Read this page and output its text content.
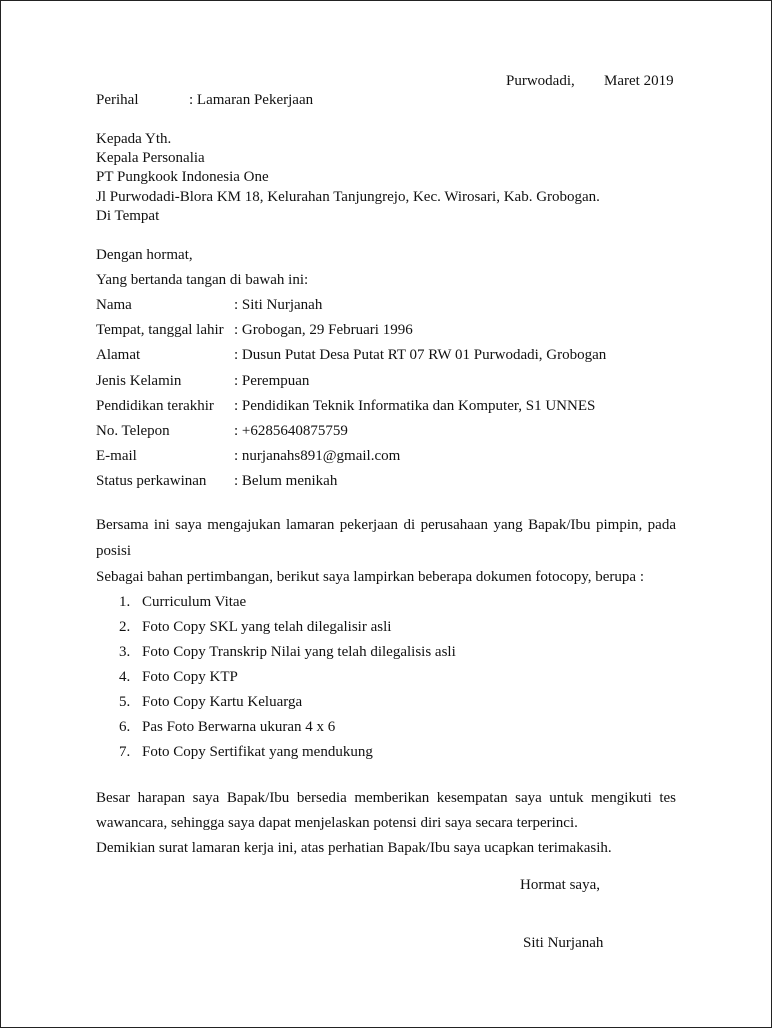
Purwodadi, Maret 2019
Perihal	: Lamaran Pekerjaan
Kepada Yth.
Kepala Personalia
PT Pungkook Indonesia One
Jl Purwodadi-Blora KM 18, Kelurahan Tanjungrejo, Kec. Wirosari, Kab. Grobogan.
Di Tempat
Dengan hormat,
Yang bertanda tangan di bawah ini:
Nama	: Siti Nurjanah
Tempat, tanggal lahir : Grobogan, 29 Februari 1996
Alamat	: Dusun Putat Desa Putat RT 07 RW 01 Purwodadi, Grobogan
Jenis Kelamin	: Perempuan
Pendidikan terakhir : Pendidikan Teknik Informatika dan Komputer, S1 UNNES
No. Telepon	: +6285640875759
E-mail	: nurjanahs891@gmail.com
Status perkawinan : Belum menikah
Bersama ini saya mengajukan lamaran pekerjaan di perusahaan yang Bapak/Ibu pimpin, pada
posisi
Sebagai bahan pertimbangan, berikut saya lampirkan beberapa dokumen fotocopy, berupa :
1. Curriculum Vitae
2. Foto Copy SKL yang telah dilegalisir asli
3. Foto Copy Transkrip Nilai yang telah dilegalisis asli
4. Foto Copy KTP
5. Foto Copy Kartu Keluarga
6. Pas Foto Berwarna ukuran 4 x 6
7. Foto Copy Sertifikat yang mendukung
Besar harapan saya Bapak/Ibu bersedia memberikan kesempatan saya untuk mengikuti tes
wawancara, sehingga saya dapat menjelaskan potensi diri saya secara terperinci.
Demikian surat lamaran kerja ini, atas perhatian Bapak/Ibu saya ucapkan terimakasih.
Hormat saya,
Siti Nurjanah
